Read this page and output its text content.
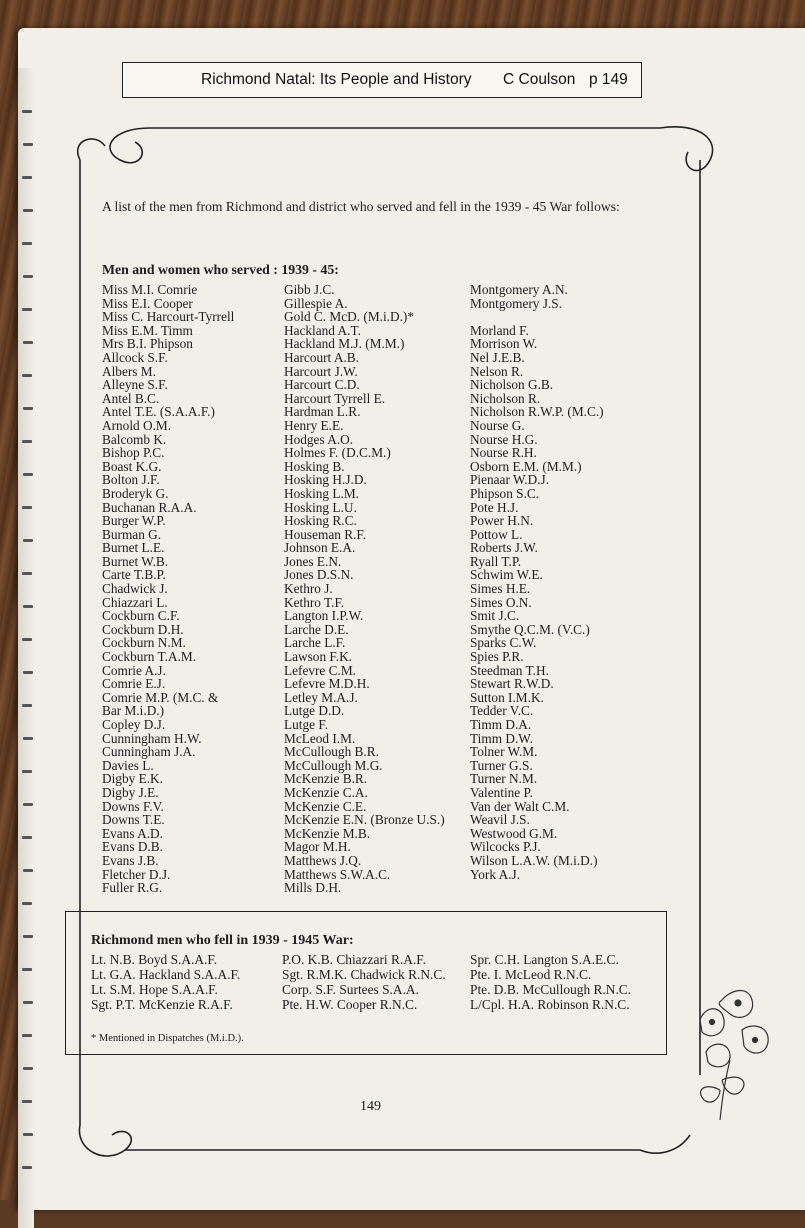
Richmond Natal: Its People and History C Coulson p 149
A list of the men from Richmond and district who served and fell in the 1939 - 45 War follows:
Men and women who served : 1939 - 45:
Miss M.I. Comrie
Miss E.I. Cooper
Miss C. Harcourt-Tyrrell
Miss E.M. Timm
Mrs B.I. Phipson
Allcock S.F.
Albers M.
Alleyne S.F.
Antel B.C.
Antel T.E. (S.A.A.F.)
Arnold O.M.
Balcomb K.
Bishop P.C.
Boast K.G.
Bolton J.F.
Broderyk G.
Buchanan R.A.A.
Burger W.P.
Burman G.
Burnet L.E.
Burnet W.B.
Carte T.B.P.
Chadwick J.
Chiazzari L.
Cockburn C.F.
Cockburn D.H.
Cockburn N.M.
Cockburn T.A.M.
Comrie A.J.
Comrie E.J.
Comrie M.P. (M.C. &
Bar M.i.D.)
Copley D.J.
Cunningham H.W.
Cunningham J.A.
Davies L.
Digby E.K.
Digby J.E.
Downs F.V.
Downs T.E.
Evans A.D.
Evans D.B.
Evans J.B.
Fletcher D.J.
Fuller R.G.
Gibb J.C.
Gillespie A.
Gold C. McD. (M.i.D.)*
Hackland A.T.
Hackland M.J. (M.M.)
Harcourt A.B.
Harcourt J.W.
Harcourt C.D.
Harcourt Tyrrell E.
Hardman L.R.
Henry E.E.
Hodges A.O.
Holmes F. (D.C.M.)
Hosking B.
Hosking H.J.D.
Hosking L.M.
Hosking L.U.
Hosking R.C.
Houseman R.F.
Johnson E.A.
Jones E.N.
Jones D.S.N.
Kethro J.
Kethro T.F.
Langton I.P.W.
Larche D.E.
Larche L.F.
Lawson F.K.
Lefevre C.M.
Lefevre M.D.H.
Letley M.A.J.
Lutge D.D.
Lutge F.
McLeod I.M.
McCullough B.R.
McCullough M.G.
McKenzie B.R.
McKenzie C.A.
McKenzie C.E.
McKenzie E.N. (Bronze U.S.)
McKenzie M.B.
Magor M.H.
Matthews J.Q.
Matthews S.W.A.C.
Mills D.H.
Montgomery A.N.
Montgomery J.S.
Morland F.
Morrison W.
Nel J.E.B.
Nelson R.
Nicholson G.B.
Nicholson R.
Nicholson R.W.P. (M.C.)
Nourse G.
Nourse H.G.
Nourse R.H.
Osborn E.M. (M.M.)
Pienaar W.D.J.
Phipson S.C.
Pote H.J.
Power H.N.
Pottow L.
Roberts J.W.
Ryall T.P.
Schwim W.E.
Simes H.E.
Simes O.N.
Smit J.C.
Smythe Q.C.M. (V.C.)
Sparks C.W.
Spies P.R.
Steedman T.H.
Stewart R.W.D.
Sutton I.M.K.
Tedder V.C.
Timm D.A.
Timm D.W.
Tolner W.M.
Turner G.S.
Turner N.M.
Valentine P.
Van der Walt C.M.
Weavil J.S.
Westwood G.M.
Wilcocks P.J.
Wilson L.A.W. (M.i.D.)
York A.J.
Richmond men who fell in 1939 - 1945 War:
Lt. N.B. Boyd S.A.A.F.
Lt. G.A. Hackland S.A.A.F.
Lt. S.M. Hope S.A.A.F.
Sgt. P.T. McKenzie R.A.F.
P.O. K.B. Chiazzari R.A.F.
Sgt. R.M.K. Chadwick R.N.C.
Corp. S.F. Surtees S.A.A.
Pte. H.W. Cooper R.N.C.
Spr. C.H. Langton S.A.E.C.
Pte. I. McLeod R.N.C.
Pte. D.B. McCullough R.N.C.
L/Cpl. H.A. Robinson R.N.C.
* Mentioned in Dispatches (M.i.D.).
149
